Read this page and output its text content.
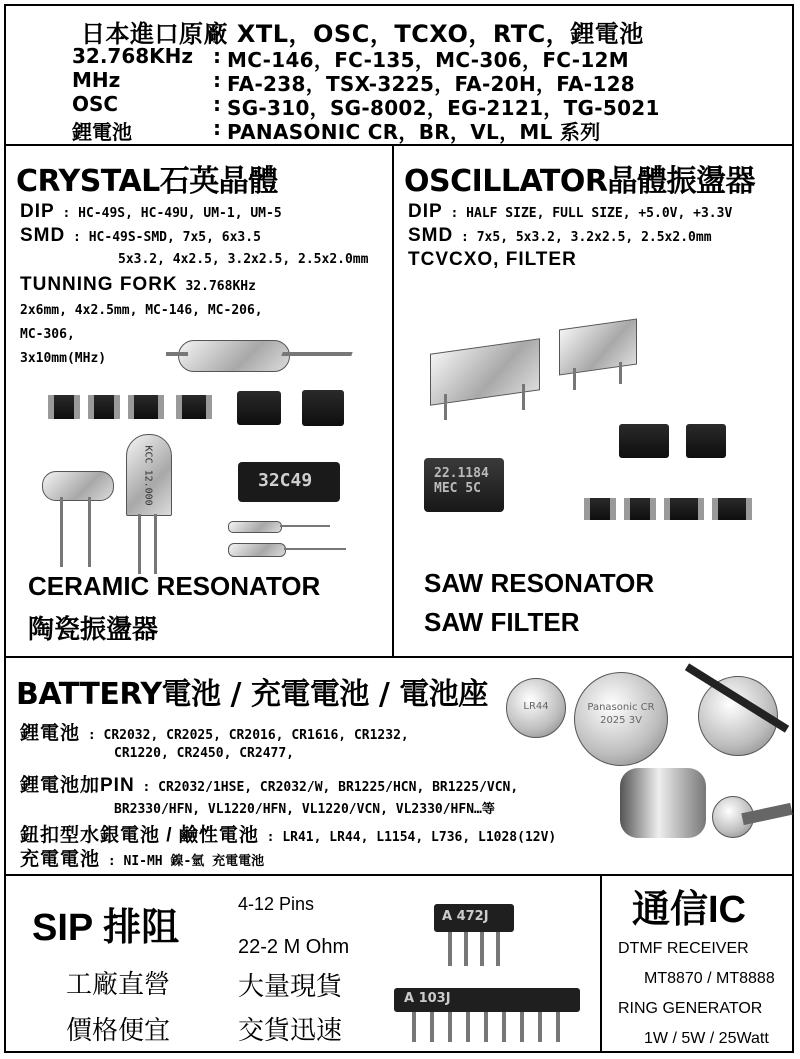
日本進口原廠 XTL，OSC，TCXO，RTC，鋰電池
32.768KHz : MC-146，FC-135，MC-306，FC-12M
MHz	: FA-238，TSX-3225，FA-20H，FA-128
OSC	: SG-310，SG-8002，EG-2121，TG-5021
鋰電池	: PANASONIC CR，BR，VL，ML 系列
CRYSTAL石英晶體
DIP : HC-49S, HC-49U, UM-1, UM-5
SMD : HC-49S-SMD, 7x5, 6x3.5
5x3.2, 4x2.5, 3.2x2.5, 2.5x2.0mm
TUNNING FORK 32.768KHz
2x6mm, 4x2.5mm, MC-146, MC-206,
MC-306,
3x10mm(MHz)
KCC 12.000	32C49
CERAMIC RESONATOR
陶瓷振盪器
OSCILLATOR晶體振盪器
DIP : HALF SIZE, FULL SIZE, +5.0V, +3.3V
SMD : 7x5, 5x3.2, 3.2x2.5, 2.5x2.0mm
TCVCXO, FILTER
22.1184 MEC 5C
SAW RESONATOR
SAW FILTER
BATTERY電池 / 充電電池 / 電池座
鋰電池 : CR2032, CR2025, CR2016, CR1616, CR1232,
CR1220, CR2450, CR2477,
鋰電池加PIN : CR2032/1HSE, CR2032/W, BR1225/HCN, BR1225/VCN,
BR2330/HFN, VL1220/HFN, VL1220/VCN, VL2330/HFN…等
鈕扣型水銀電池 / 鹼性電池 : LR41, LR44, L1154, L736, L1028(12V)
充電電池 : NI-MH 鎳-氫 充電電池
LR44	Panasonic CR 2025 3V
SIP 排阻
工廠直營
價格便宜
4-12 Pins
22-2 M Ohm
大量現貨
交貨迅速
A 472J
A 103J
通信IC
DTMF RECEIVER
MT8870 / MT8888
RING GENERATOR
1W / 5W / 25Watt
